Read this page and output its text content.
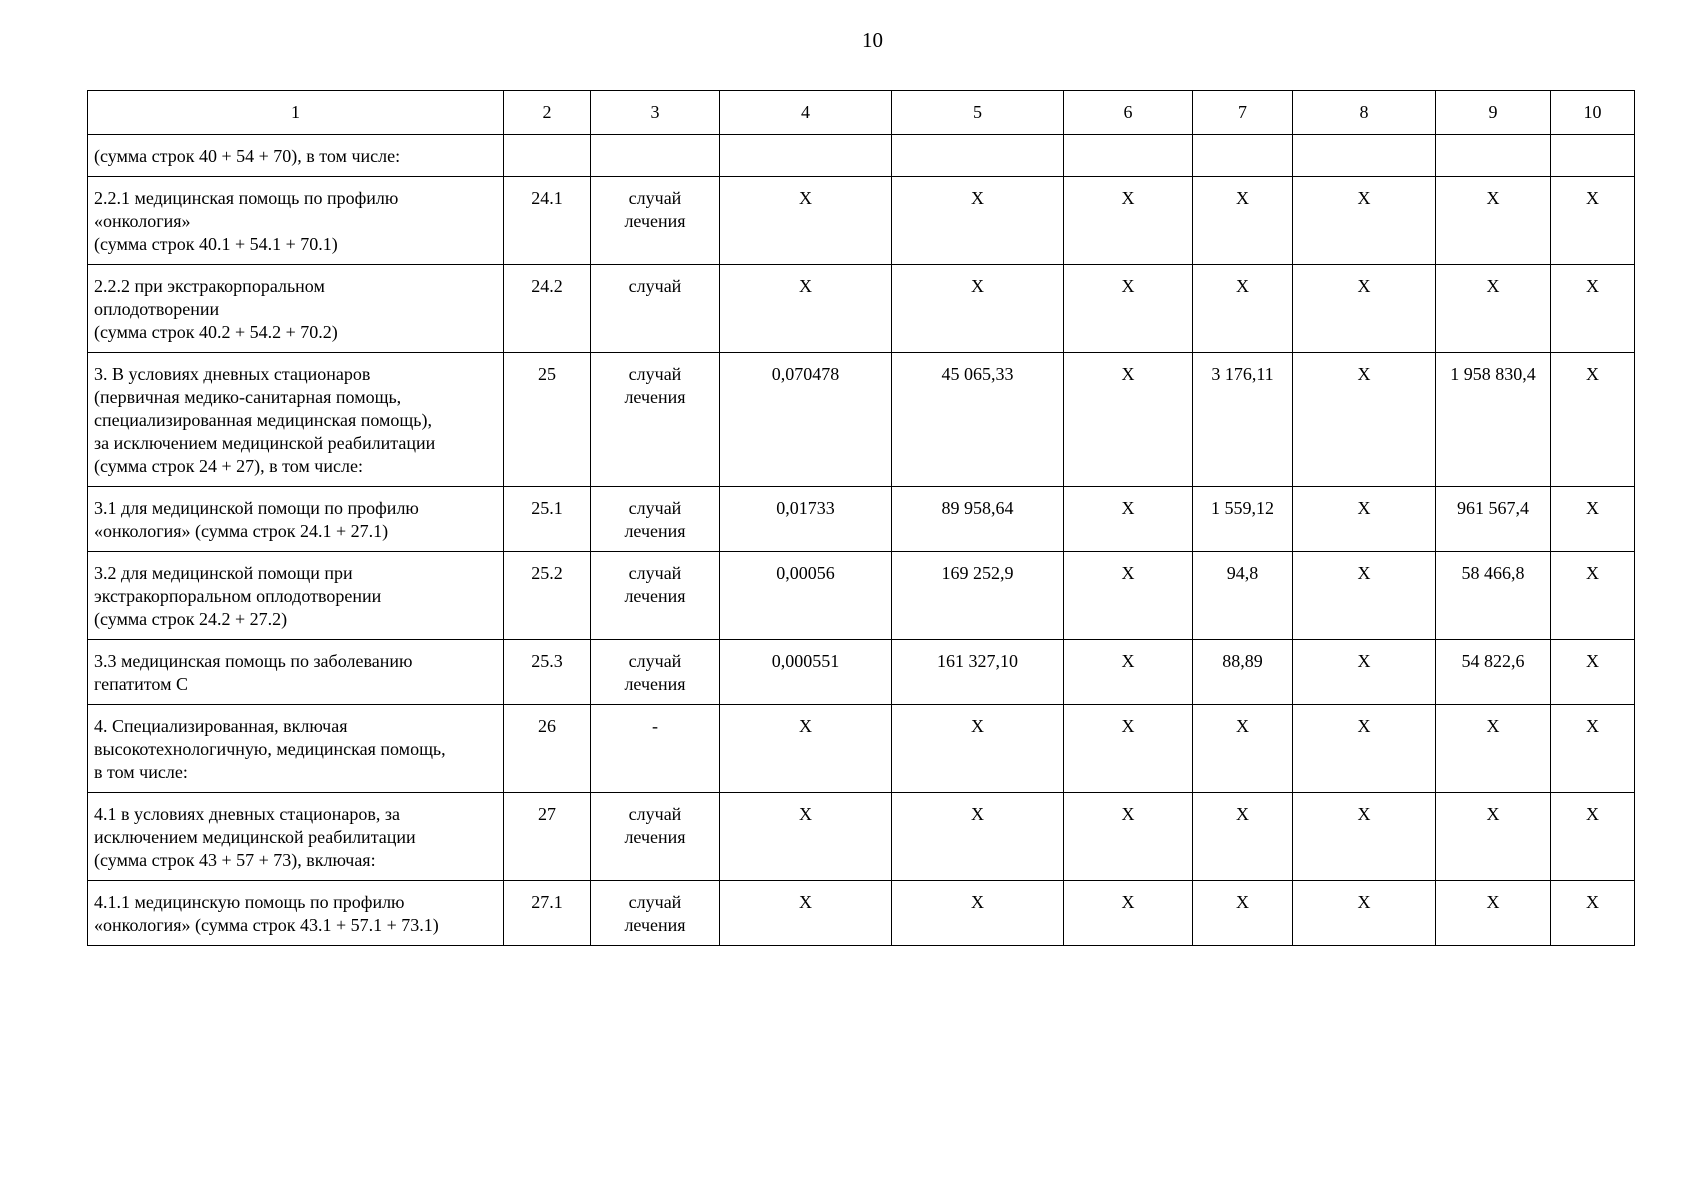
10
1	2	3	4	5	6	7	8	9	10
(сумма строк 40 + 54 + 70), в том числе:									
2.2.1 медицинская помощь по профилю
«онкология»
(сумма строк 40.1 + 54.1 + 70.1)	24.1	случай
лечения	X	X	X	X	X	X	X
2.2.2 при экстракорпоральном
оплодотворении
(сумма строк 40.2 + 54.2 + 70.2)	24.2	случай	X	X	X	X	X	X	X
3. В условиях дневных стационаров
(первичная медико-санитарная помощь,
специализированная медицинская помощь),
за исключением медицинской реабилитации
(сумма строк 24 + 27), в том числе:	25	случай
лечения	0,070478	45 065,33	X	3 176,11	X	1 958 830,4	X
3.1 для медицинской помощи по профилю
«онкология» (сумма строк 24.1 + 27.1)	25.1	случай
лечения	0,01733	89 958,64	X	1 559,12	X	961 567,4	X
3.2 для медицинской помощи при
экстракорпоральном оплодотворении
(сумма строк 24.2 + 27.2)	25.2	случай
лечения	0,00056	169 252,9	X	94,8	X	58 466,8	X
3.3 медицинская помощь по заболеванию
гепатитом С	25.3	случай
лечения	0,000551	161 327,10	X	88,89	X	54 822,6	X
4. Специализированная, включая
высокотехнологичную, медицинская помощь,
в том числе:	26	-	X	X	X	X	X	X	X
4.1 в условиях дневных стационаров, за
исключением медицинской реабилитации
(сумма строк 43 + 57 + 73), включая:	27	случай
лечения	X	X	X	X	X	X	X
4.1.1 медицинскую помощь по профилю
«онкология» (сумма строк 43.1 + 57.1 + 73.1)	27.1	случай
лечения	X	X	X	X	X	X	X
